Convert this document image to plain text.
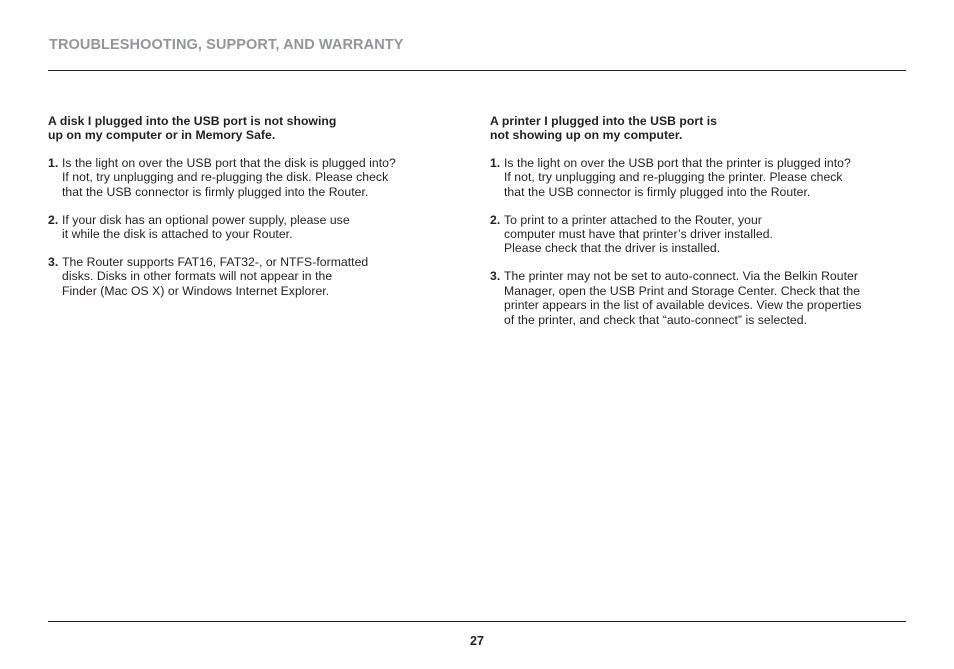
TROUBLESHOOTING, SUPPORT, AND WARRANTY
A disk I plugged into the USB port is not showing
up on my computer or in Memory Safe.
1. Is the light on over the USB port that the disk is plugged into?
If not, try unplugging and re-plugging the disk. Please check
that the USB connector is firmly plugged into the Router.
2. If your disk has an optional power supply, please use
it while the disk is attached to your Router.
3. The Router supports FAT16, FAT32-, or NTFS-formatted
disks. Disks in other formats will not appear in the
Finder (Mac OS X) or Windows Internet Explorer.
A printer I plugged into the USB port is
not showing up on my computer.
1. Is the light on over the USB port that the printer is plugged into?
If not, try unplugging and re-plugging the printer. Please check
that the USB connector is firmly plugged into the Router.
2. To print to a printer attached to the Router, your
computer must have that printer’s driver installed.
Please check that the driver is installed.
3. The printer may not be set to auto-connect. Via the Belkin Router
Manager, open the USB Print and Storage Center. Check that the
printer appears in the list of available devices. View the properties
of the printer, and check that “auto-connect” is selected.
27
